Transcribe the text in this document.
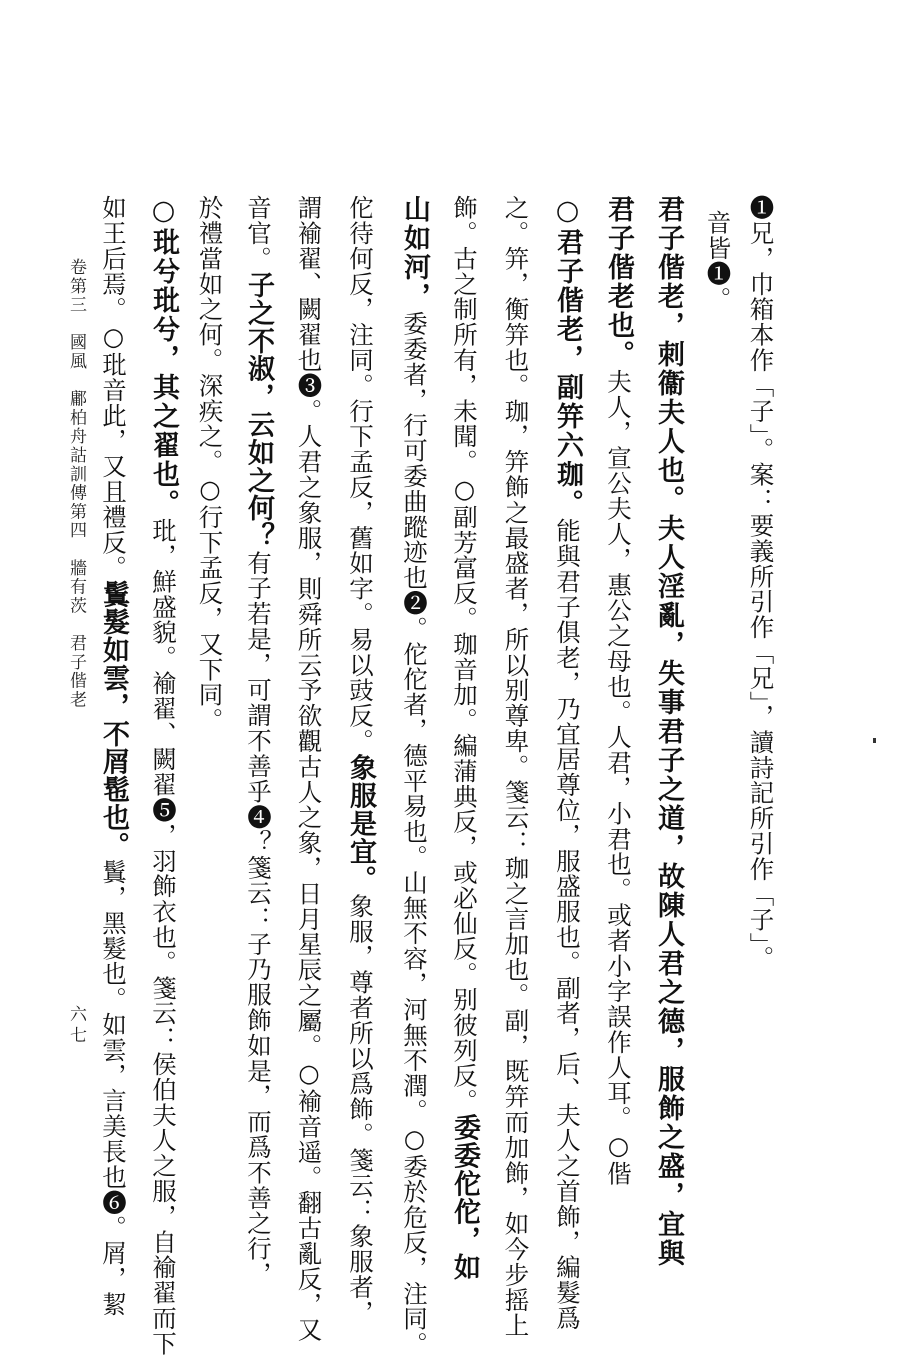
❶兄，巾箱本作「子」。案：要義所引作「兄」，讀詩記所引作「子」。
音皆❶。
君子偕老，刺衞夫人也。夫人淫亂，失事君子之道，故陳人君之德，服飾之盛，宜與
君子偕老也。夫人，宣公夫人，惠公之母也。人君，小君也。或者小字誤作人耳。○偕
○君子偕老，副笄六珈。能與君子俱老，乃宜居尊位，服盛服也。副者，后、夫人之首飾，編髮爲
之。笄，衡笄也。珈，笄飾之最盛者，所以别尊卑。箋云：珈之言加也。副，既笄而加飾，如今步摇上
飾。古之制所有，未聞。○副芳富反。珈音加。編蒲典反，或必仙反。别彼列反。委委佗佗，如
山如河，委委者，行可委曲蹤迹也❷。佗佗者，德平易也。山無不容，河無不潤。○委於危反，注同。
佗待何反，注同。行下孟反，舊如字。易以豉反。象服是宜。象服，尊者所以爲飾。箋云：象服者，
謂褕翟、闕翟也❸。人君之象服，則舜所云予欲觀古人之象，日月星辰之屬。○褕音遥。翻古亂反，又
音官。子之不淑，云如之何？有子若是，可謂不善乎❹？箋云：子乃服飾如是，而爲不善之行，
於禮當如之何。深疾之。○行下孟反，又下同。
○玭兮玭兮，其之翟也。玭，鮮盛貌。褕翟、闕翟❺，羽飾衣也。箋云：侯伯夫人之服，自褕翟而下
如王后焉。○玭音此，又且禮反。鬒髮如雲，不屑髢也。鬒，黑髮也。如雲，言美長也❻。屑，絜
卷第三　國風　鄘柏舟詁訓傳第四　牆有茨　君子偕老
六七
